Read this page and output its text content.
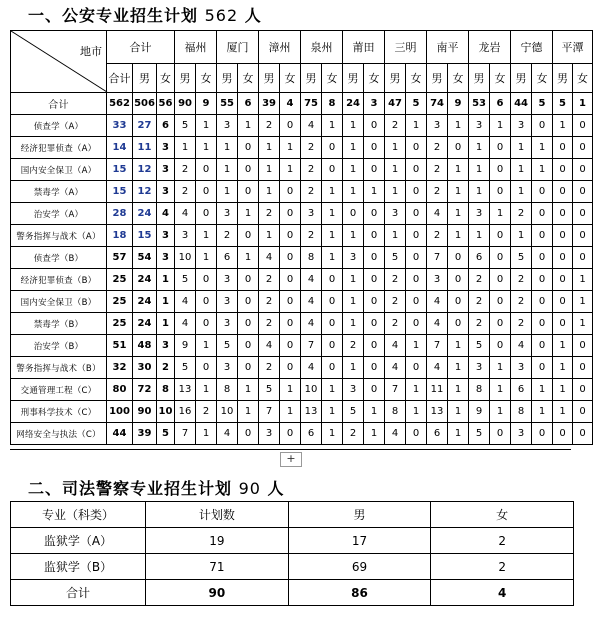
一、公安专业招生计划 562 人
地市	合计			福州		厦门		漳州		泉州		莆田		三明		南平		龙岩		宁德		平潭	
	合计	男	女	男	女	男	女	男	女	男	女	男	女	男	女	男	女	男	女	男	女	男	女
合计	562	506	56	90	9	55	6	39	4	75	8	24	3	47	5	74	9	53	6	44	5	5	1
侦查学（A）	33	27	6	5	1	3	1	2	0	4	1	1	0	2	1	3	1	3	1	3	0	1	0
经济犯罪侦查（A）	14	11	3	1	1	1	0	1	1	2	0	1	0	1	0	2	0	1	0	1	1	0	0
国内安全保卫（A）	15	12	3	2	0	1	0	1	1	2	0	1	0	1	0	2	1	1	0	1	1	0	0
禁毒学（A）	15	12	3	2	0	1	0	1	0	2	1	1	1	1	0	2	1	1	0	1	0	0	0
治安学（A）	28	24	4	4	0	3	1	2	0	3	1	0	0	3	0	4	1	3	1	2	0	0	0
警务指挥与战术（A）	18	15	3	3	1	2	0	1	0	2	1	1	0	1	0	2	1	1	0	1	0	0	0
侦查学（B）	57	54	3	10	1	6	1	4	0	8	1	3	0	5	0	7	0	6	0	5	0	0	0
经济犯罪侦查（B）	25	24	1	5	0	3	0	2	0	4	0	1	0	2	0	3	0	2	0	2	0	0	1
国内安全保卫（B）	25	24	1	4	0	3	0	2	0	4	0	1	0	2	0	4	0	2	0	2	0	0	1
禁毒学（B）	25	24	1	4	0	3	0	2	0	4	0	1	0	2	0	4	0	2	0	2	0	0	1
治安学（B）	51	48	3	9	1	5	0	4	0	7	0	2	0	4	1	7	1	5	0	4	0	1	0
警务指挥与战术（B）	32	30	2	5	0	3	0	2	0	4	0	1	0	4	0	4	1	3	1	3	0	1	0
交通管理工程（C）	80	72	8	13	1	8	1	5	1	10	1	3	0	7	1	11	1	8	1	6	1	1	0
刑事科学技术（C）	100	90	10	16	2	10	1	7	1	13	1	5	1	8	1	13	1	9	1	8	1	1	0
网络安全与执法（C）	44	39	5	7	1	4	0	3	0	6	1	2	1	4	0	6	1	5	0	3	0	0	0
+
二、司法警察专业招生计划 90 人
专业（科类）	计划数	男	女
监狱学（A）	19	17	2
监狱学（B）	71	69	2
合计	90	86	4
